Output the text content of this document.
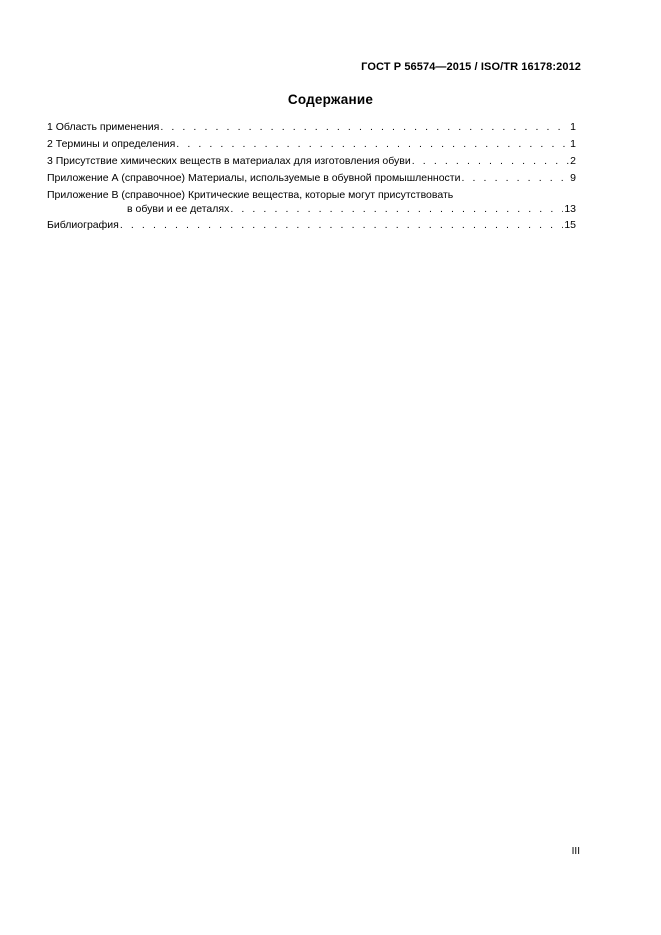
ГОСТ Р 56574—2015 / ISO/TR 16178:2012
Содержание
1 Область применения . . .	1
2 Термины и определения . . .	1
3 Присутствие химических веществ в материалах для изготовления обуви . . .	2
Приложение А (справочное) Материалы, используемые в обувной промышленности . . .	9
Приложение В (справочное) Критические вещества, которые могут присутствовать
в обуви и ее деталях . . .	13
Библиография . . .	15
III
